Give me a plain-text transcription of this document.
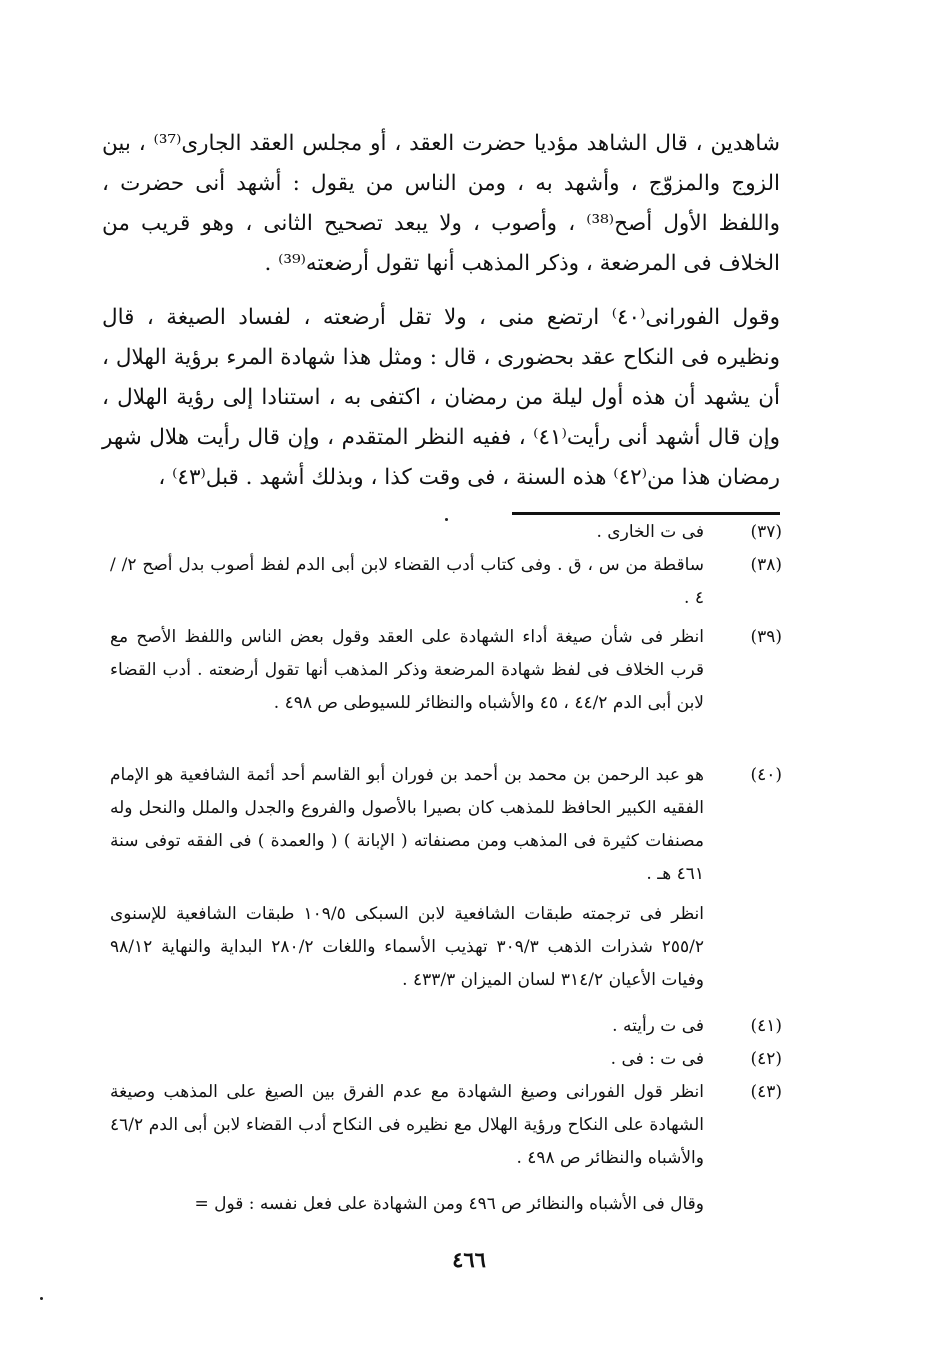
شاهدين ، قال الشاهد مؤديا حضرت العقد ، أو مجلس العقد الجارى⁽³⁷⁾ ، بين الزوج والمزوّج ، وأشهد به ، ومن الناس من يقول : أشهد أنى حضرت ، واللفظ الأول أصح⁽³⁸⁾ ، وأصوب ، ولا يبعد تصحيح الثانى ، وهو قريب من الخلاف فى المرضعة ، وذكر المذهب أنها تقول أرضعته⁽³⁹⁾ .
وقول الفورانى⁽٤٠⁾ ارتضع منى ، ولا تقل أرضعته ، لفساد الصيغة ، قال ونظيره فى النكاح عقد بحضورى ، قال : ومثل هذا شهادة المرء برؤية الهلال ، أن يشهد أن هذه أول ليلة من رمضان ، اكتفى به ، استنادا إلى رؤية الهلال ، وإن قال أشهد أنى رأيت⁽٤١⁾ ، ففيه النظر المتقدم ، وإن قال رأيت هلال شهر رمضان هذا من⁽٤٢⁾ هذه السنة ، فى وقت كذا ، وبذلك أشهد . قبل⁽٤٣⁾ ،
(٣٧)
فى ت الخارى .
(٣٨)
ساقطة من س ، ق . وفى كتاب أدب القضاء لابن أبى الدم لفظ أصوب بدل أصح ٢/ /٤ .
(٣٩)
انظر فى شأن صيغة أداء الشهادة على العقد وقول بعض الناس واللفظ الأصح مع قرب الخلاف فى لفظ شهادة المرضعة وذكر المذهب أنها تقول أرضعته . أدب القضاء لابن أبى الدم ٤٤/٢ ، ٤٥ والأشباه والنظائر للسيوطى ص ٤٩٨ .
(٤٠)
هو عبد الرحمن بن محمد بن أحمد بن فوران أبو القاسم أحد أئمة الشافعية هو الإمام الفقيه الكبير الحافظ للمذهب كان بصيرا بالأصول والفروع والجدل والملل والنحل وله مصنفات كثيرة فى المذهب ومن مصنفاته ( الإبانة ) ( والعمدة ) فى الفقه توفى سنة ٤٦١ هـ .
انظر فى ترجمته طبقات الشافعية لابن السبكى ١٠٩/٥ طبقات الشافعية للإسنوى ٢٥٥/٢ شذرات الذهب ٣٠٩/٣ تهذيب الأسماء واللغات ٢٨٠/٢ البداية والنهاية ٩٨/١٢ وفيات الأعيان ٣١٤/٢ لسان الميزان ٤٣٣/٣ .
(٤١)
فى ت رأيته .
(٤٢)
فى ت : فى .
(٤٣)
انظر قول الفورانى وصيغ الشهادة مع عدم الفرق بين الصيغ على المذهب وصيغة الشهادة على النكاح ورؤية الهلال مع نظيره فى النكاح أدب القضاء لابن أبى الدم ٤٦/٢ والأشباه والنظائر ص ٤٩٨ .
وقال فى الأشباه والنظائر ص ٤٩٦ ومن الشهادة على فعل نفسه : قول =
٤٦٦
